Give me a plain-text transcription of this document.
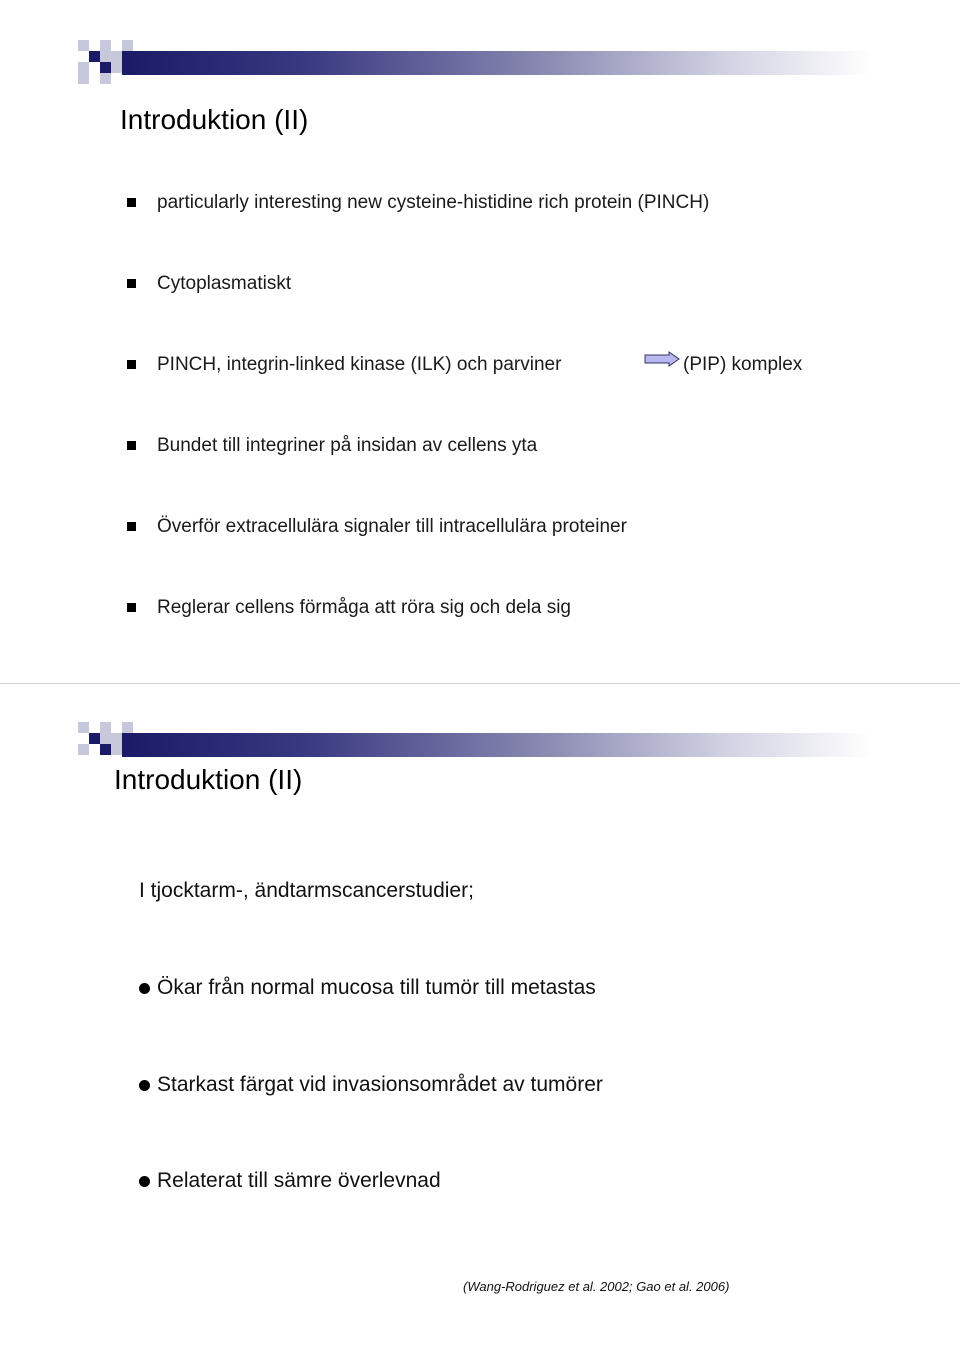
Introduktion (II)
particularly interesting new cysteine-histidine rich protein (PINCH)
Cytoplasmatiskt
PINCH, integrin-linked kinase (ILK) och parviner
Bundet till integriner på insidan av cellens yta
Överför extracellulära signaler till intracellulära proteiner
Reglerar cellens förmåga att röra sig och dela sig
(PIP) komplex
Introduktion (II)
I tjocktarm-, ändtarmscancerstudier;
Ökar från normal mucosa till tumör till metastas
Starkast färgat vid invasionsområdet av tumörer
Relaterat till sämre överlevnad
(Wang-Rodriguez et al. 2002; Gao et al. 2006)
